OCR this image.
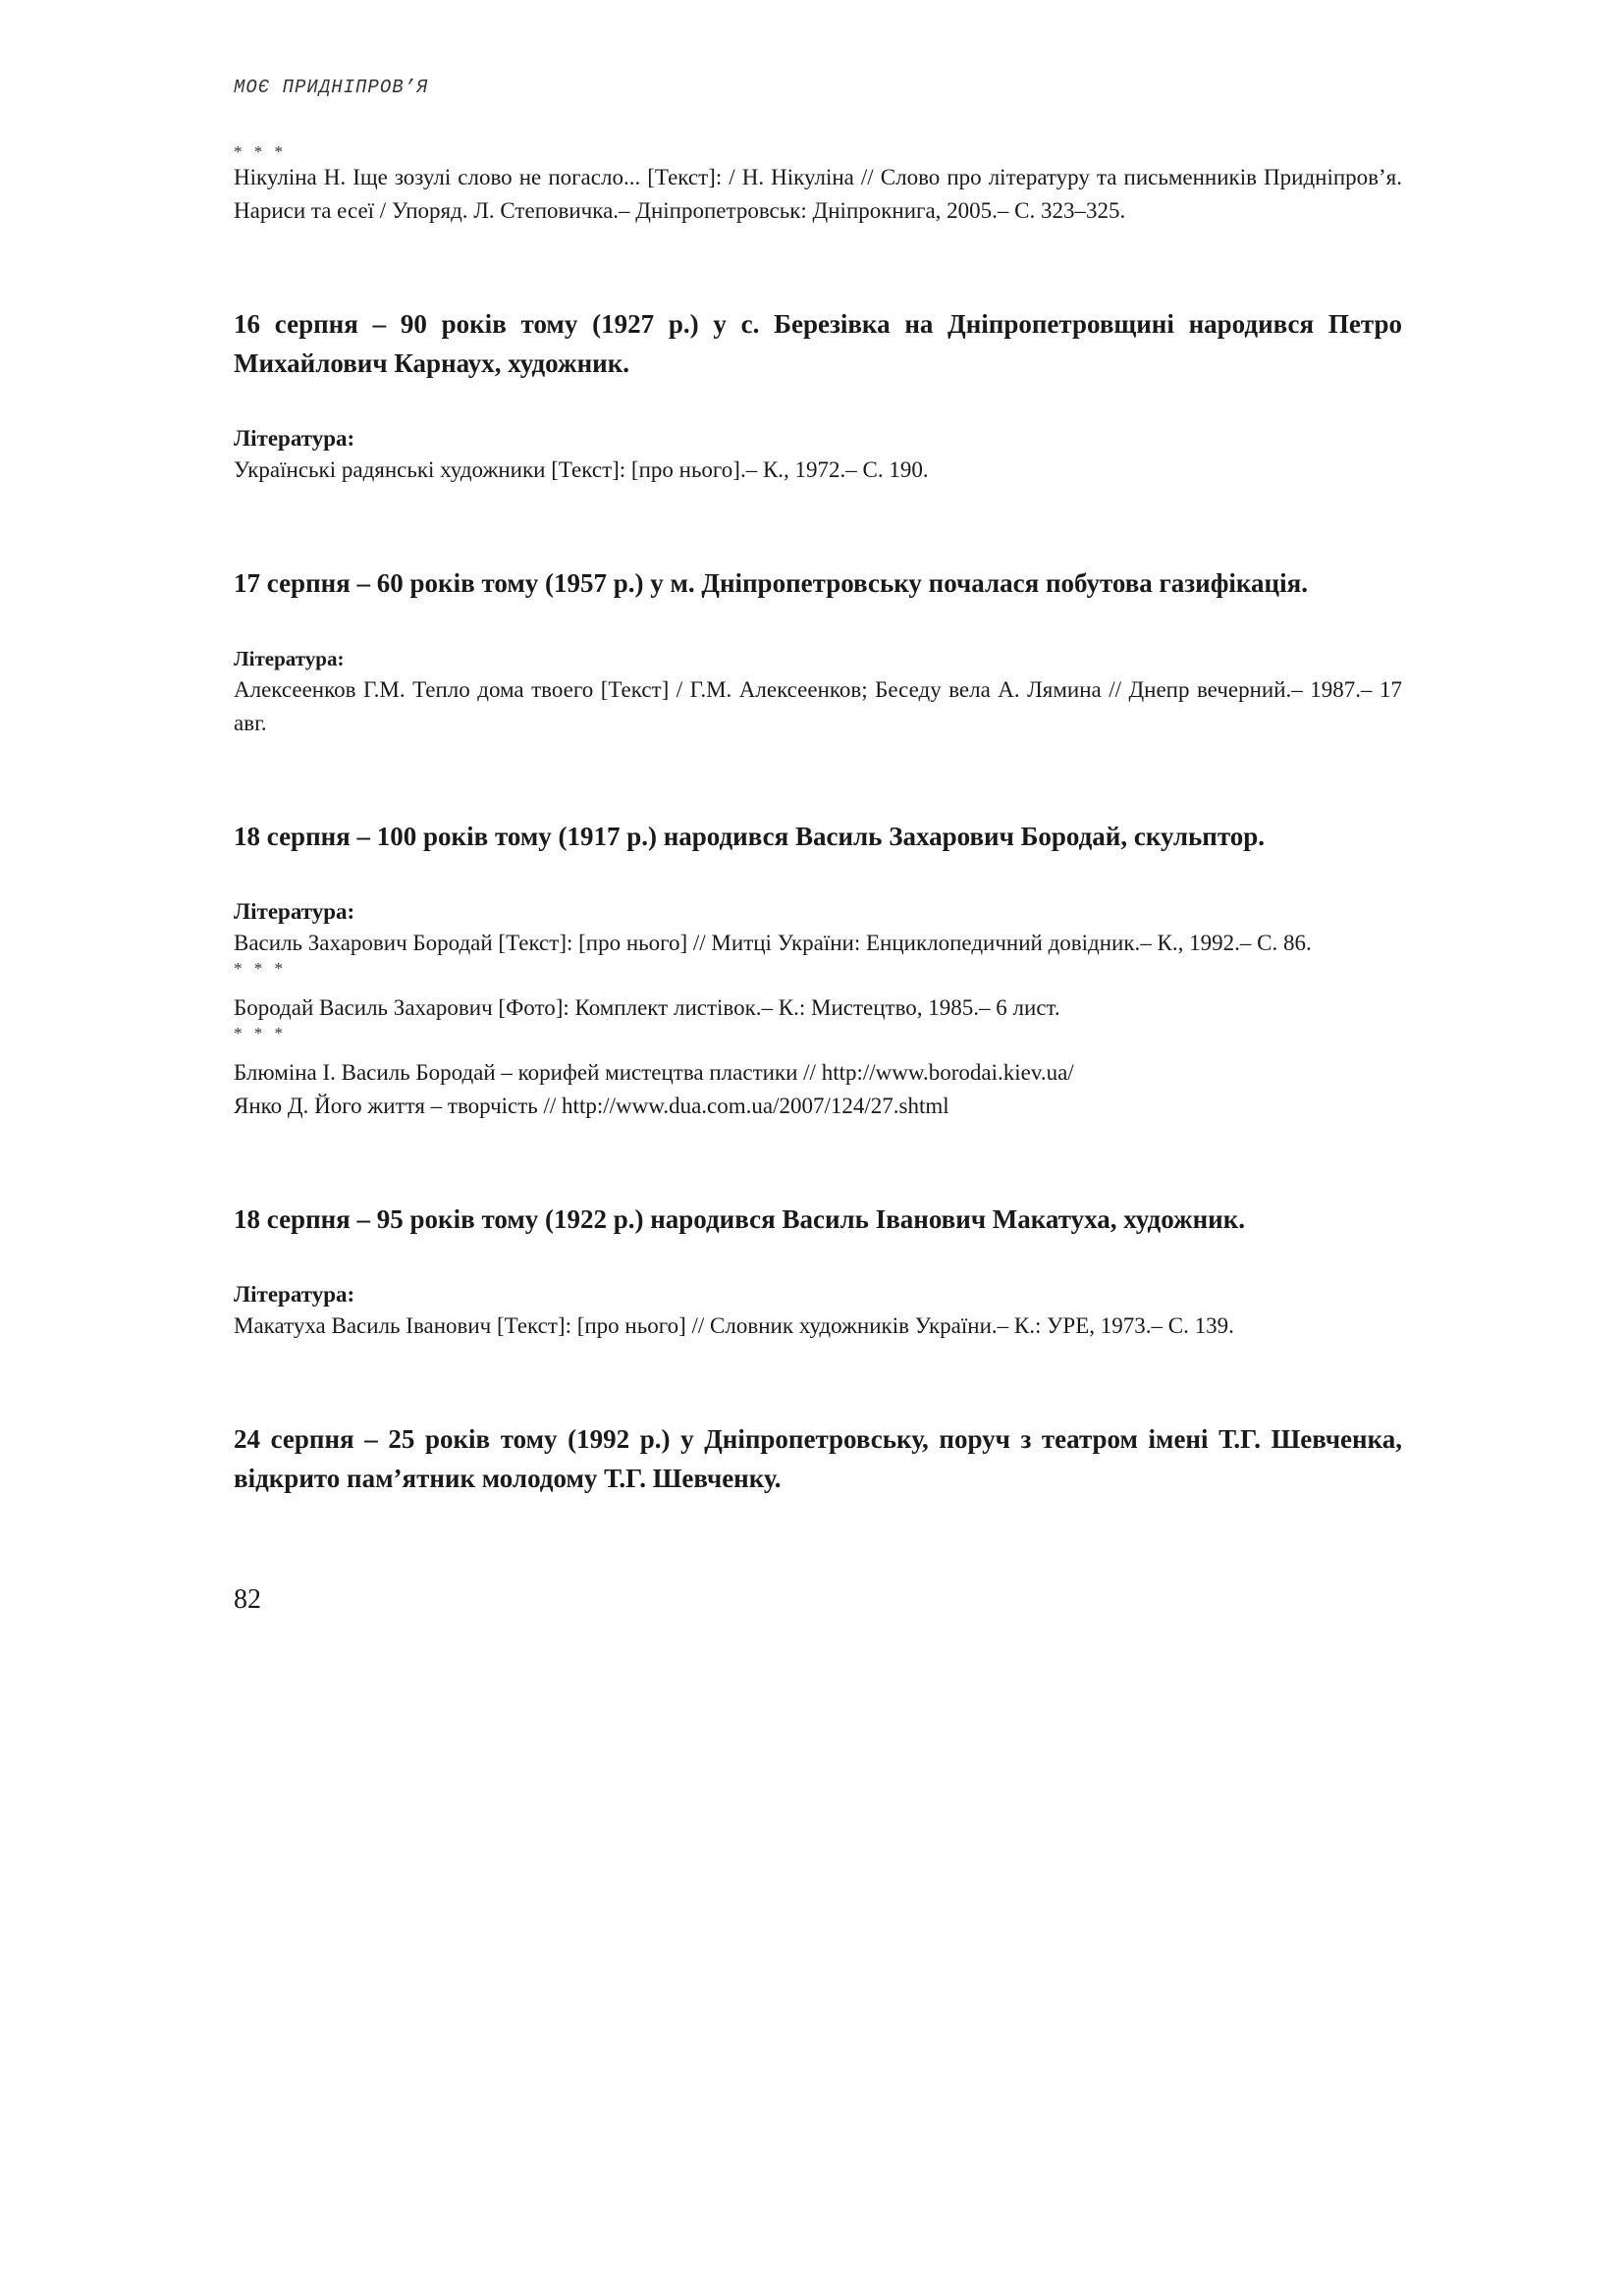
МОЄ ПРИДНІПРОВ’Я
* * *

Нікуліна Н. Іще зозулі слово не погасло... [Текст]: / Н. Нікуліна // Слово про літературу та письменників Придніпров’я. Нариси та есеї / Упоряд. Л. Степовичка.– Дніпропетровськ: Дніпрокнига, 2005.– С. 323–325.

16 серпня – 90 років тому (1927 р.) у с. Березівка на Дніпропетровщині народився Петро Михайлович Карнаух, художник.

Література:

Українські радянські художники [Текст]: [про нього].– К., 1972.– С. 190.

17 серпня – 60 років тому (1957 р.) у м. Дніпропетровську почалася побутова газифікація.

Література:

Алексеенков Г.М. Тепло дома твоего [Текст] / Г.М. Алексеенков; Беседу вела А. Лямина // Днепр вечерний.– 1987.– 17 авг.

18 серпня – 100 років тому (1917 р.) народився Василь Захарович Бородай, скульптор.

Література:

Василь Захарович Бородай [Текст]: [про нього] // Митці України: Енциклопедичний довідник.– К., 1992.– С. 86.

* * *

Бородай Василь Захарович [Фото]: Комплект листівок.– К.: Мистецтво, 1985.– 6 лист.

* * *

Блюміна І. Василь Бородай – корифей мистецтва пластики // http://www.borodai.kiev.ua/

Янко Д. Його життя – творчість // http://www.dua.com.ua/2007/124/27.shtml

18 серпня – 95 років тому (1922 р.) народився Василь Іванович Макатуха, художник.

Література:

Макатуха Василь Іванович [Текст]: [про нього] // Словник художників України.– К.: УРЕ, 1973.– С. 139.

24 серпня – 25 років тому (1992 р.) у Дніпропетровську, поруч з театром імені Т.Г. Шевченка, відкрито пам’ятник молодому Т.Г. Шевченку.

82
